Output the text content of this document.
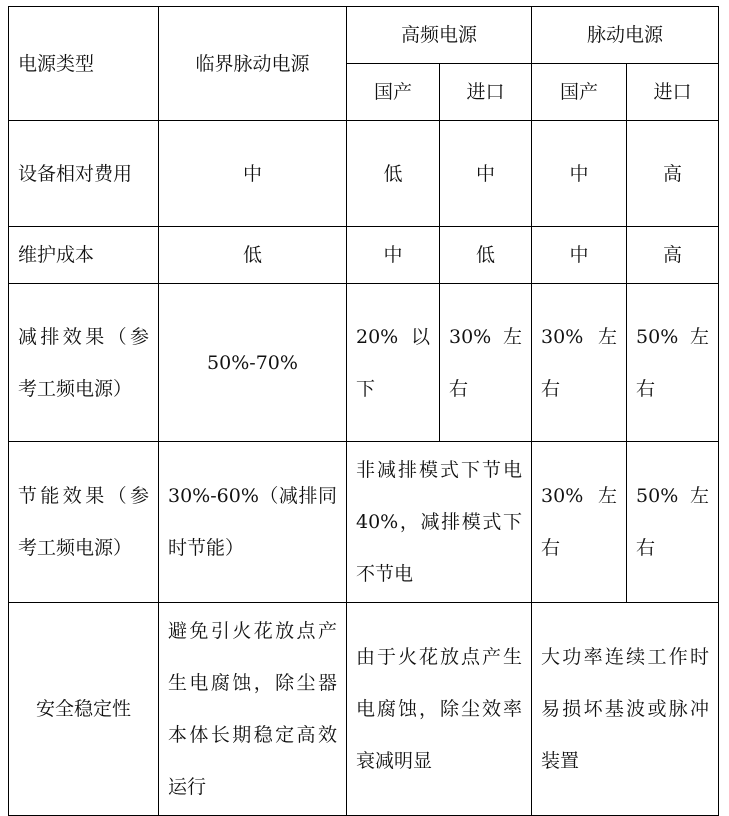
电源类型	临界脉动电源	高频电源		脉动电源	
		国产	进口	国产	进口
设备相对费用	中	低	中	中	高
维护成本	低	中	低	中	高
减排效果（参考工频电源）	50%-70%	20% 以下	30% 左右	30% 左右	50% 左右
节能效果（参考工频电源）	30%-60%（减排同时节能）	非减排模式下节电 40%，减排模式下不节电		30% 左右	50% 左右
安全稳定性	避免引火花放点产生电腐蚀，除尘器本体长期稳定高效运行	由于火花放点产生电腐蚀，除尘效率衰减明显		大功率连续工作时易损坏基波或脉冲装置	
